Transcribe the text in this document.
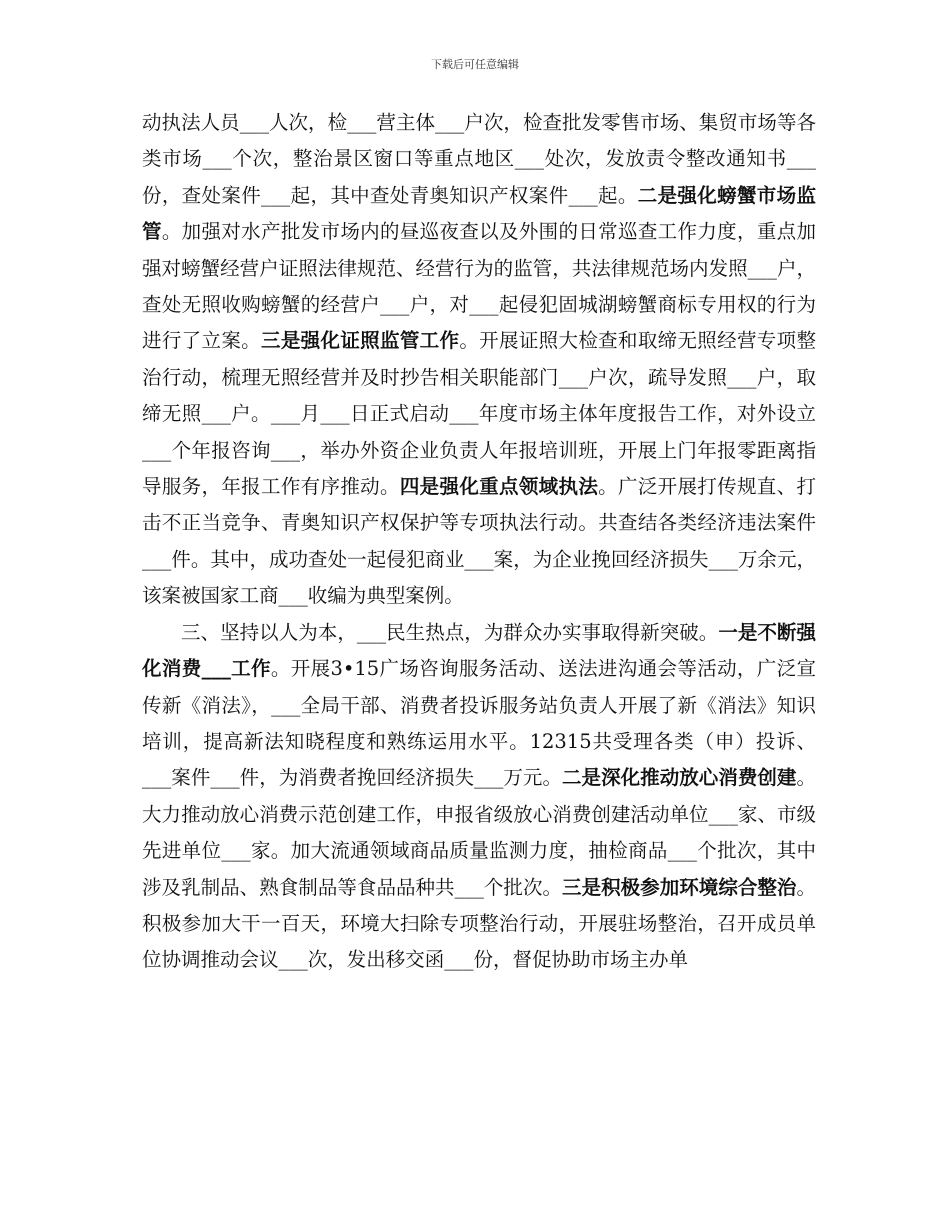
下载后可任意编辑

动执法人员___人次，检___营主体___户次，检查批发零售市场、集贸市场等各类市场___个次，整治景区窗口等重点地区___处次，发放责令整改通知书___份，查处案件___起，其中查处青奥知识产权案件___起。二是强化螃蟹市场监管。加强对水产批发市场内的昼巡夜查以及外围的日常巡查工作力度，重点加强对螃蟹经营户证照法律规范、经营行为的监管，共法律规范场内发照___户，查处无照收购螃蟹的经营户___户，对___起侵犯固城湖螃蟹商标专用权的行为进行了立案。三是强化证照监管工作。开展证照大检查和取缔无照经营专项整治行动，梳理无照经营并及时抄告相关职能部门___户次，疏导发照___户，取缔无照___户。___月___日正式启动___年度市场主体年度报告工作，对外设立___个年报咨询___，举办外资企业负责人年报培训班，开展上门年报零距离指导服务，年报工作有序推动。四是强化重点领域执法。广泛开展打传规直、打击不正当竞争、青奥知识产权保护等专项执法行动。共查结各类经济违法案件___件。其中，成功查处一起侵犯商业___案，为企业挽回经济损失___万余元，该案被国家工商___收编为典型案例。

三、坚持以人为本，___民生热点，为群众办实事取得新突破。一是不断强化消费___工作。开展3•15广场咨询服务活动、送法进沟通会等活动，广泛宣传新《消法》，___全局干部、消费者投诉服务站负责人开展了新《消法》知识培训，提高新法知晓程度和熟练运用水平。12315共受理各类（申）投诉、___案件___件，为消费者挽回经济损失___万元。二是深化推动放心消费创建。大力推动放心消费示范创建工作，申报省级放心消费创建活动单位___家、市级先进单位___家。加大流通领域商品质量监测力度，抽检商品___个批次，其中涉及乳制品、熟食制品等食品品种共___个批次。三是积极参加环境综合整治。积极参加大干一百天，环境大扫除专项整治行动，开展驻场整治，召开成员单位协调推动会议___次，发出移交函___份，督促协助市场主办单
